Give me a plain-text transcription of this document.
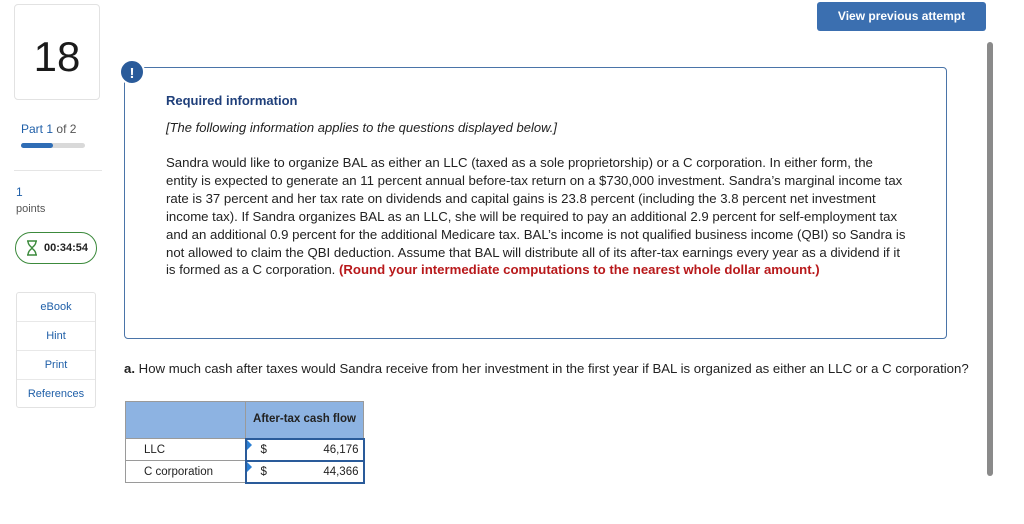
18
Part 1 of 2
1
points
00:34:54
eBook
Hint
Print
References
View previous attempt
!
Required information
[The following information applies to the questions displayed below.]
Sandra would like to organize BAL as either an LLC (taxed as a sole proprietorship) or a C corporation. In either form, the entity is expected to generate an 11 percent annual before-tax return on a $730,000 investment. Sandra’s marginal income tax rate is 37 percent and her tax rate on dividends and capital gains is 23.8 percent (including the 3.8 percent net investment income tax). If Sandra organizes BAL as an LLC, she will be required to pay an additional 2.9 percent for self-employment tax and an additional 0.9 percent for the additional Medicare tax. BAL’s income is not qualified business income (QBI) so Sandra is not allowed to claim the QBI deduction. Assume that BAL will distribute all of its after-tax earnings every year as a dividend if it is formed as a C corporation. (Round your intermediate computations to the nearest whole dollar amount.)
a. How much cash after taxes would Sandra receive from her investment in the first year if BAL is organized as either an LLC or a C corporation?
	After-tax cash flow
LLC	$ 46,176

C corporation	$ 44,366
